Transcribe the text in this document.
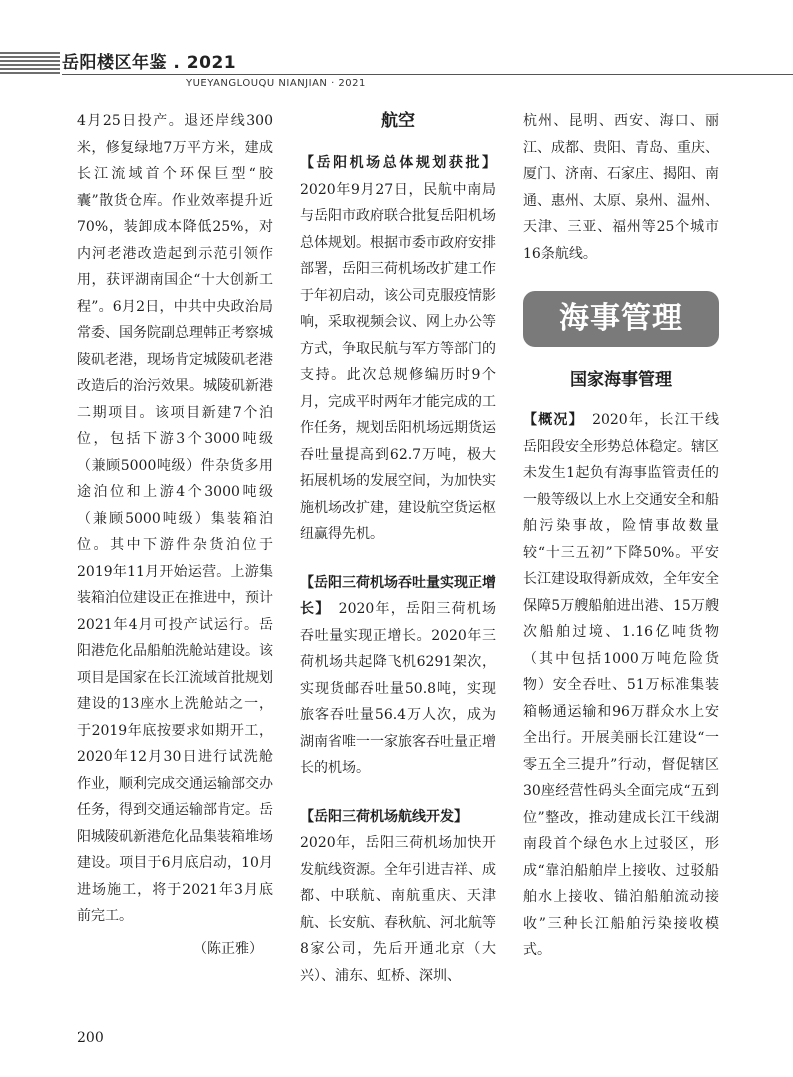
岳阳楼区年鉴 . 2021
YUEYANGLOUQU NIANJIAN · 2021

4月25日投产。退还岸线300米，修复绿地7万平方米，建成长江流域首个环保巨型“胶囊”散货仓库。作业效率提升近70%，装卸成本降低25%，对内河老港改造起到示范引领作用，获评湖南国企“十大创新工程”。6月2日，中共中央政治局常委、国务院副总理韩正考察城陵矶老港，现场肯定城陵矶老港改造后的治污效果。城陵矶新港二期项目。该项目新建7个泊位，包括下游3个3000吨级（兼顾5000吨级）件杂货多用途泊位和上游4个3000吨级（兼顾5000吨级）集装箱泊位。其中下游件杂货泊位于2019年11月开始运营。上游集装箱泊位建设正在推进中，预计2021年4月可投产试运行。岳阳港危化品船舶洗舱站建设。该项目是国家在长江流域首批规划建设的13座水上洗舱站之一，于2019年底按要求如期开工，2020年12月30日进行试洗舱作业，顺利完成交通运输部交办任务，得到交通运输部肯定。岳阳城陵矶新港危化品集装箱堆场建设。项目于6月底启动，10月进场施工，将于2021年3月底前完工。

（陈正雅）

航空

【岳阳机场总体规划获批】2020年9月27日，民航中南局与岳阳市政府联合批复岳阳机场总体规划。根据市委市政府安排部署，岳阳三荷机场改扩建工作于年初启动，该公司克服疫情影响，采取视频会议、网上办公等方式，争取民航与军方等部门的支持。此次总规修编历时9个月，完成平时两年才能完成的工作任务，规划岳阳机场远期货运吞吐量提高到62.7万吨，极大拓展机场的发展空间，为加快实施机场改扩建，建设航空货运枢纽赢得先机。

【岳阳三荷机场吞吐量实现正增长】　 2020年，岳阳三荷机场吞吐量实现正增长。2020年三荷机场共起降飞机6291架次，实现货邮吞吐量50.8吨，实现旅客吞吐量56.4万人次，成为湖南省唯一一家旅客吞吐量正增长的机场。

【岳阳三荷机场航线开发】
2020年，岳阳三荷机场加快开发航线资源。全年引进吉祥、成都、中联航、南航重庆、天津航、长安航、春秋航、河北航等8家公司，先后开通北京（大兴）、浦东、虹桥、深圳、

杭州、昆明、西安、海口、丽江、成都、贵阳、青岛、重庆、厦门、济南、石家庄、揭阳、南通、惠州、太原、泉州、温州、天津、三亚、福州等25个城市16条航线。

海事管理
国家海事管理

【概况】　 2020年，长江干线岳阳段安全形势总体稳定。辖区未发生1起负有海事监管责任的一般等级以上水上交通安全和船舶污染事故，险情事故数量较“十三五初”下降50%。平安长江建设取得新成效，全年安全保障5万艘船舶进出港、15万艘次船舶过境、1.16亿吨货物（其中包括1000万吨危险货物）安全吞吐、51万标准集装箱畅通运输和96万群众水上安全出行。开展美丽长江建设“一零五全三提升”行动，督促辖区30座经营性码头全面完成“五到位”整改，推动建成长江干线湖南段首个绿色水上过驳区，形成“靠泊船舶岸上接收、过驳船舶水上接收、锚泊船舶流动接收”三种长江船舶污染接收模式。

200
